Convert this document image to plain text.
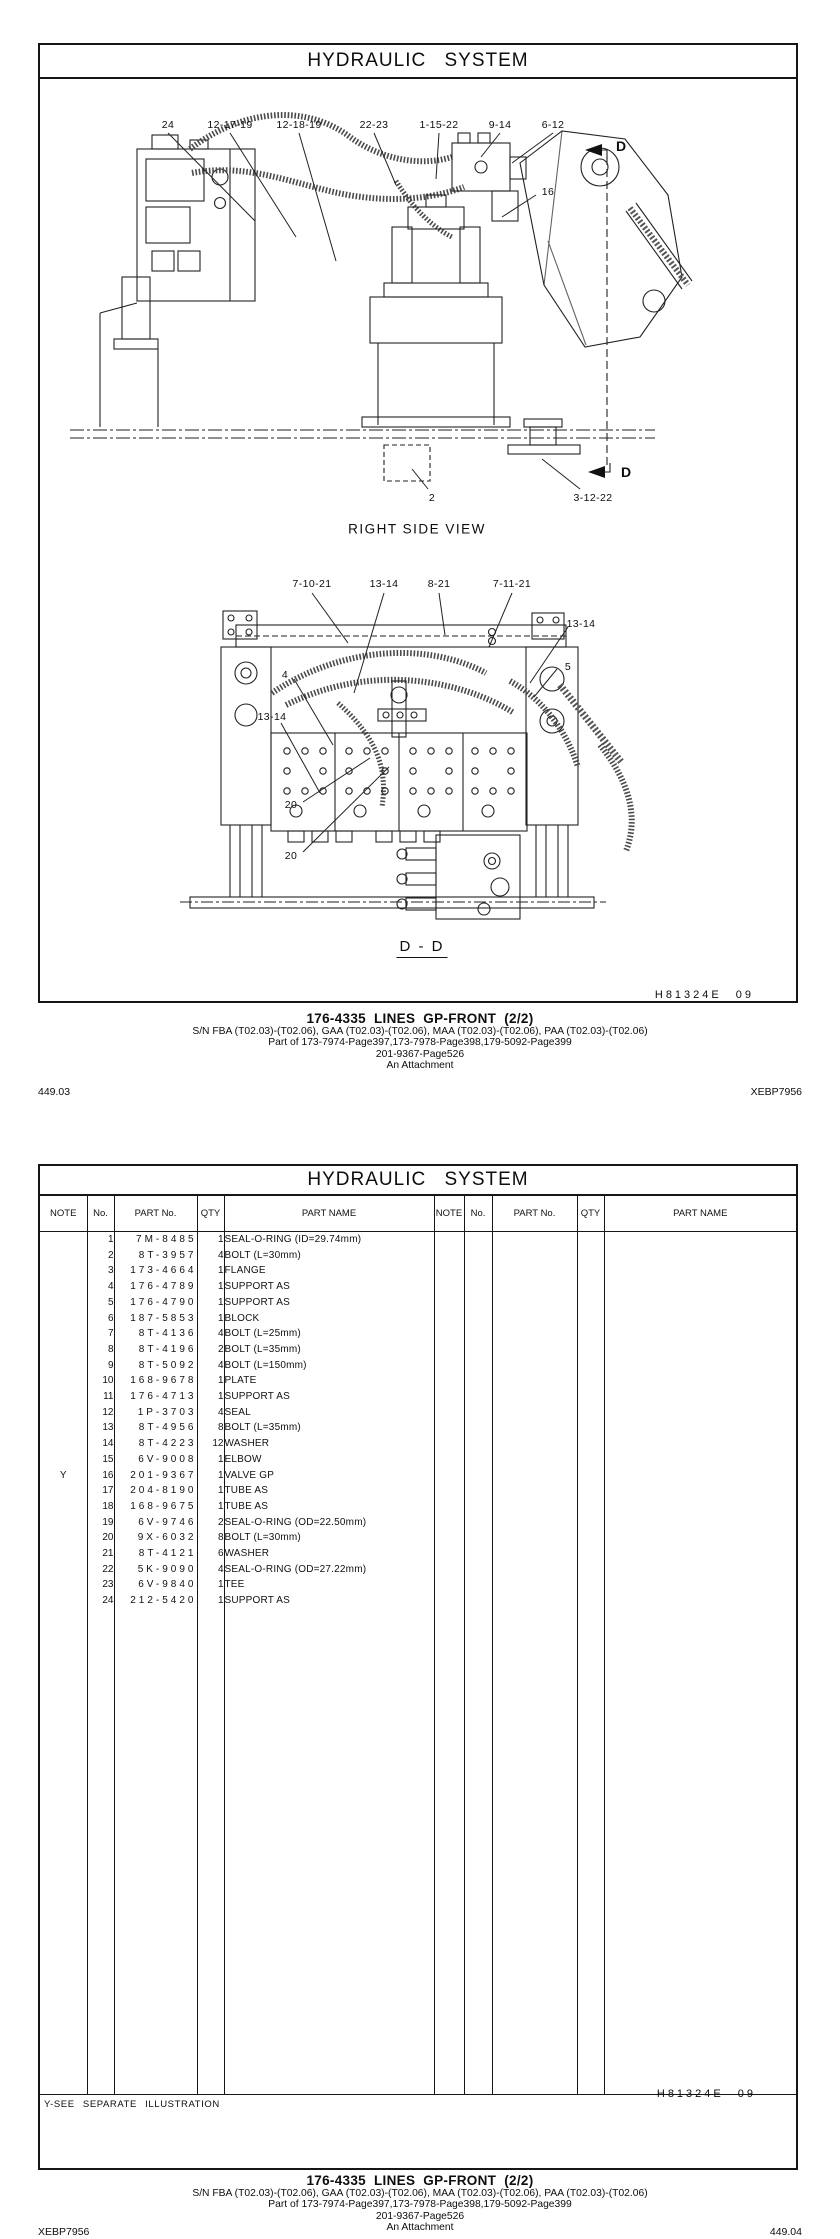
HYDRAULIC SYSTEM
24	12-17-19 12-18-19	22-23	1-15-22	9-14	6-12
16
D
D
2	3-12-22
RIGHT SIDE VIEW
7-10-21	13-14	8-21	7-11-21
13-14
5
4
13-14
20
20
D - D
H81324E 09
176-4335 LINES GP-FRONT (2/2)
S/N FBA (T02.03)-(T02.06), GAA (T02.03)-(T02.06), MAA (T02.03)-(T02.06), PAA (T02.03)-(T02.06)
Part of 173-7974-Page397,173-7978-Page398,179-5092-Page399
201-9367-Page526
An Attachment
449.03	XEBP7956
HYDRAULIC SYSTEM
NOTE	No.	PART No.	QTY	PART NAME	NOTE	No.	PART No.	QTY	PART NAME
	1	7M-8485	1	SEAL-O-RING (ID=29.74mm)					
	2	8T-3957	4	BOLT (L=30mm)					
	3	173-4664	1	FLANGE					
	4	176-4789	1	SUPPORT AS					
	5	176-4790	1	SUPPORT AS					
	6	187-5853	1	BLOCK					
	7	8T-4136	4	BOLT (L=25mm)					
	8	8T-4196	2	BOLT (L=35mm)					
	9	8T-5092	4	BOLT (L=150mm)					
	10	168-9678	1	PLATE					
	11	176-4713	1	SUPPORT AS					
	12	1P-3703	4	SEAL					
	13	8T-4956	8	BOLT (L=35mm)					
	14	8T-4223	12	WASHER					
	15	6V-9008	1	ELBOW					
Y	16	201-9367	1	VALVE GP					
	17	204-8190	1	TUBE AS					
	18	168-9675	1	TUBE AS					
	19	6V-9746	2	SEAL-O-RING (OD=22.50mm)					
	20	9X-6032	8	BOLT (L=30mm)					
	21	8T-4121	6	WASHER					
	22	5K-9090	4	SEAL-O-RING (OD=27.22mm)					
	23	6V-9840	1	TEE					
	24	212-5420	1	SUPPORT AS					

Y-SEE SEPARATE ILLUSTRATION
H81324E 09									
176-4335 LINES GP-FRONT (2/2)
S/N FBA (T02.03)-(T02.06), GAA (T02.03)-(T02.06), MAA (T02.03)-(T02.06), PAA (T02.03)-(T02.06)
Part of 173-7974-Page397,173-7978-Page398,179-5092-Page399
201-9367-Page526
An Attachment
XEBP7956	449.04
